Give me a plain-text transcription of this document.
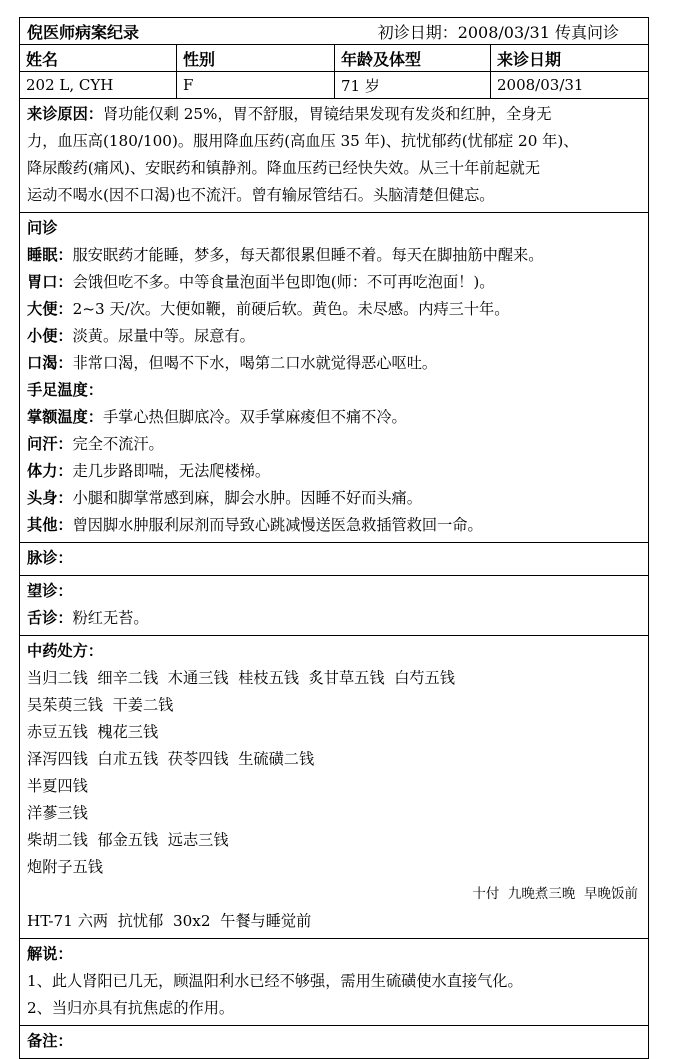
倪医师病案纪录	初诊日期：2008/03/31 传真问诊
姓名	性别	年龄及体型	来诊日期
202 L, CYH	F	71 岁	2008/03/31
来诊原因：肾功能仅剩 25%，胃不舒服，胃镜结果发现有发炎和红肿，全身无
力，血压高(180/100)。服用降血压药(高血压 35 年)、抗忧郁药(忧郁症 20 年)、
降尿酸药(痛风)、安眠药和镇静剂。降血压药已经快失效。从三十年前起就无
运动不喝水(因不口渴)也不流汗。曾有输尿管结石。头脑清楚但健忘。
问诊
睡眠：服安眠药才能睡，梦多，每天都很累但睡不着。每天在脚抽筋中醒来。
胃口：会饿但吃不多。中等食量泡面半包即饱(师：不可再吃泡面！)。
大便：2~3 天/次。大便如鞭，前硬后软。黄色。未尽感。内痔三十年。
小便：淡黄。尿量中等。尿意有。
口渴：非常口渴，但喝不下水，喝第二口水就觉得恶心呕吐。
手足温度：
掌额温度：手掌心热但脚底冷。双手掌麻痠但不痛不冷。
问汗：完全不流汗。
体力：走几步路即喘，无法爬楼梯。
头身：小腿和脚掌常感到麻，脚会水肿。因睡不好而头痛。
其他：曾因脚水肿服利尿剂而导致心跳减慢送医急救插管救回一命。
脉诊：
望诊：
舌诊：粉红无苔。
中药处方：
当归二钱  细辛二钱  木通三钱  桂枝五钱  炙甘草五钱  白芍五钱
吴茱萸三钱  干姜二钱
赤豆五钱  槐花三钱
泽泻四钱  白朮五钱  茯苓四钱  生硫磺二钱
半夏四钱
洋蔘三钱
柴胡二钱  郁金五钱  远志三钱
炮附子五钱
十付  九晚煮三晚  早晚饭前
HT-71 六两  抗忧郁  30x2  午餐与睡觉前
解说：
1、此人肾阳已几无，顾温阳利水已经不够强，需用生硫磺使水直接气化。
2、当归亦具有抗焦虑的作用。
备注：
